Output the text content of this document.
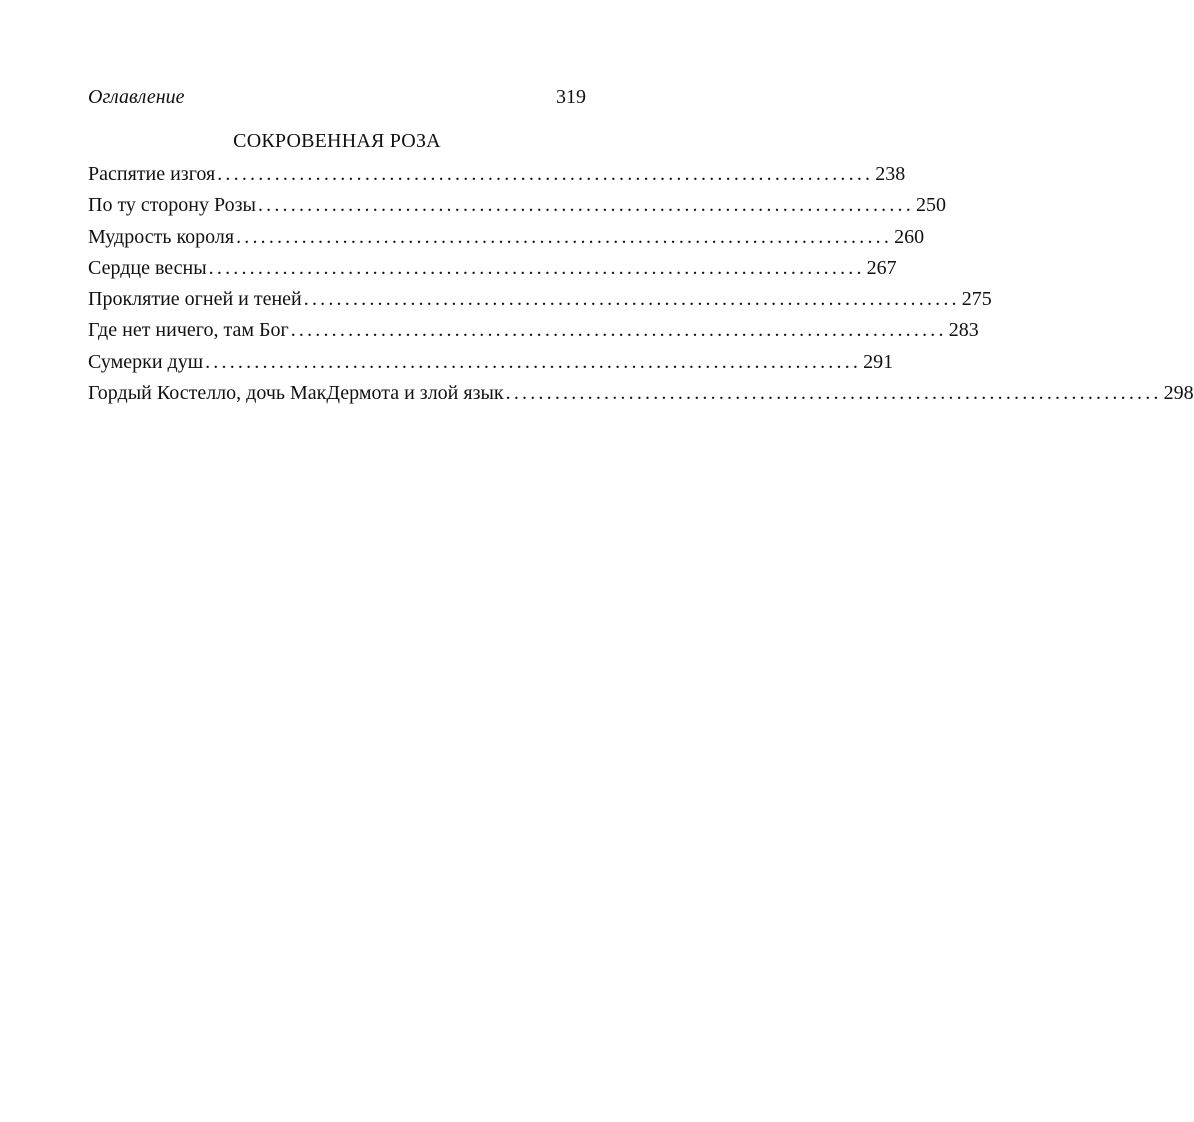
Оглавление	319
СОКРОВЕННАЯ РОЗА
Распятие изгоя ................................................................................ 238
По ту сторону Розы ................................................................................ 250
Мудрость короля ................................................................................ 260
Сердце весны ................................................................................ 267
Проклятие огней и теней ................................................................................ 275
Где нет ничего, там Бог ................................................................................ 283
Сумерки душ ................................................................................ 291
Гордый Костелло, дочь МакДермота и злой язык ................................................................................ 298
